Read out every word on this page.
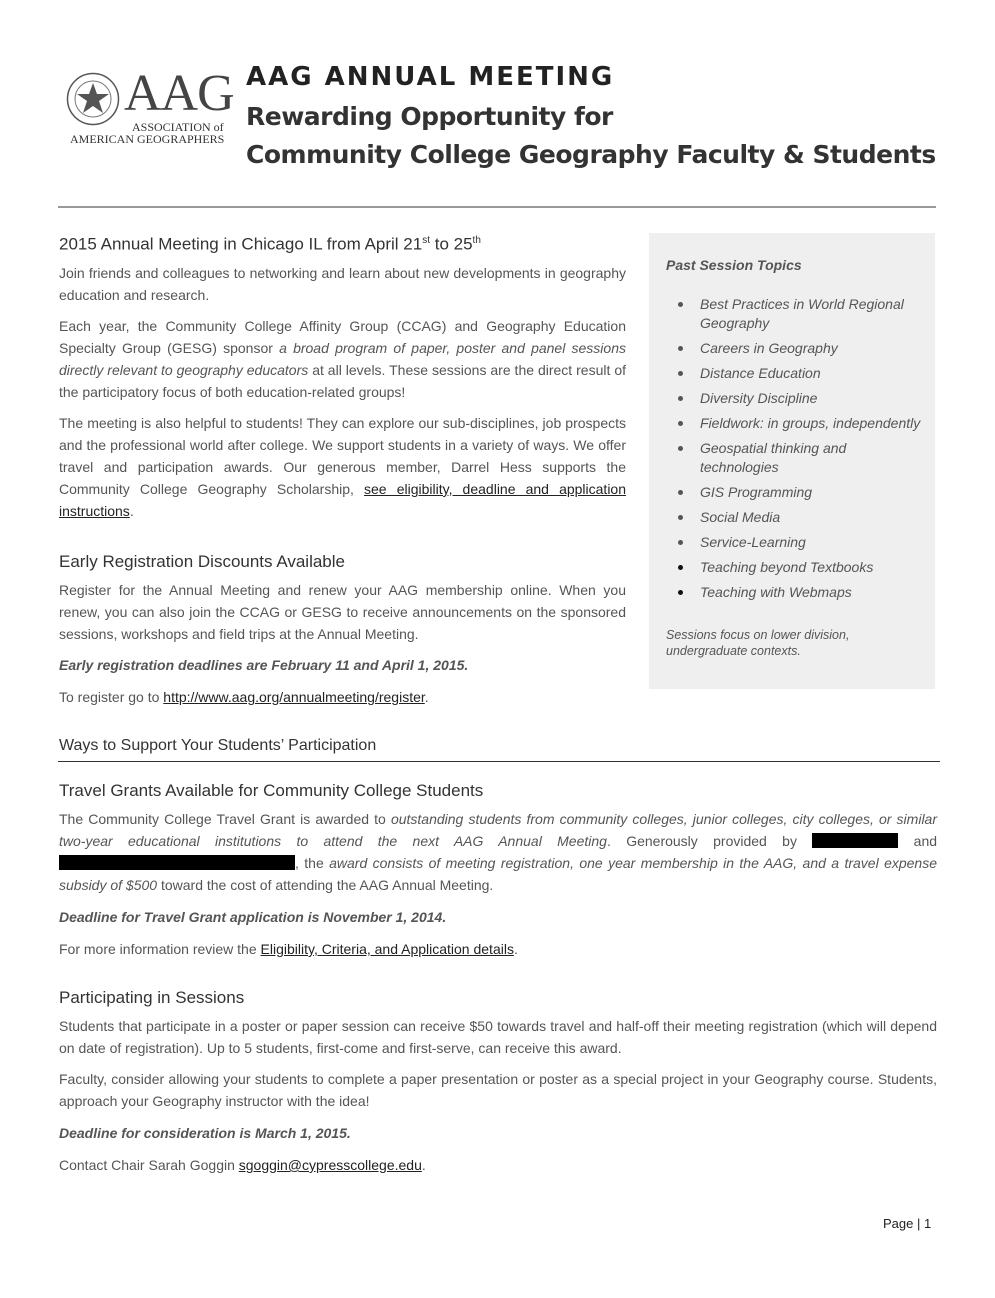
AAG
ASSOCIATION of
AMERICAN GEOGRAPHERS
AAG ANNUAL MEETING
Rewarding Opportunity for
Community College Geography Faculty & Students
2015 Annual Meeting in Chicago IL from April 21st to 25th

Join friends and colleagues to networking and learn about new developments in geography education and research.

Each year, the Community College Affinity Group (CCAG) and Geography Education Specialty Group (GESG) sponsor a broad program of paper, poster and panel sessions directly relevant to geography educators at all levels. These sessions are the direct result of the participatory focus of both education-related groups!

The meeting is also helpful to students! They can explore our sub-disciplines, job prospects and the professional world after college. We support students in a variety of ways. We offer travel and participation awards. Our generous member, Darrel Hess supports the Community College Geography Scholarship, see eligibility, deadline and application instructions.

Early Registration Discounts Available

Register for the Annual Meeting and renew your AAG membership online. When you renew, you can also join the CCAG or GESG to receive announcements on the sponsored sessions, workshops and field trips at the Annual Meeting.

Early registration deadlines are February 11 and April 1, 2015.

To register go to http://www.aag.org/annualmeeting/register.

Past Session Topics
Best Practices in World Regional Geography
Careers in Geography
Distance Education
Diversity Discipline
Fieldwork: in groups, independently
Geospatial thinking and technologies
GIS Programming
Social Media
Service-Learning
Teaching beyond Textbooks
Teaching with Webmaps
Sessions focus on lower division, undergraduate contexts.
Ways to Support Your Students’ Participation
Travel Grants Available for Community College Students

The Community College Travel Grant is awarded to outstanding students from community colleges, junior colleges, city colleges, or similar two-year educational institutions to attend the next AAG Annual Meeting. Generously provided by	and , the award consists of meeting registration, one year membership in the AAG, and a travel expense subsidy of $500 toward the cost of attending the AAG Annual Meeting.

Deadline for Travel Grant application is November 1, 2014.

For more information review the Eligibility, Criteria, and Application details.

Participating in Sessions

Students that participate in a poster or paper session can receive $50 towards travel and half-off their meeting registration (which will depend on date of registration). Up to 5 students, first-come and first-serve, can receive this award.

Faculty, consider allowing your students to complete a paper presentation or poster as a special project in your Geography course. Students, approach your Geography instructor with the idea!

Deadline for consideration is March 1, 2015.

Contact Chair Sarah Goggin sgoggin@cypresscollege.edu.

Page | 1
